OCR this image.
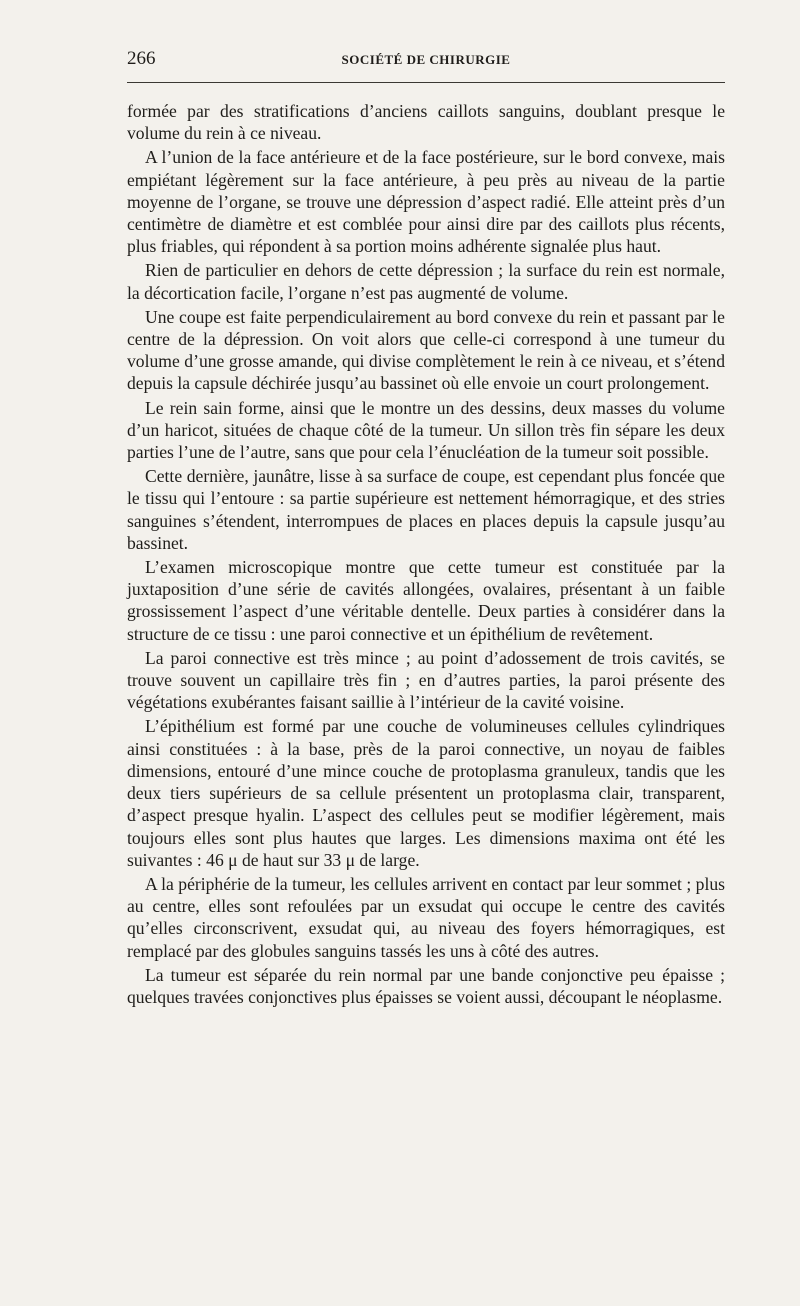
266	SOCIÉTÉ DE CHIRURGIE

formée par des stratifications d’anciens caillots sanguins, doublant presque le volume du rein à ce niveau.

A l’union de la face antérieure et de la face postérieure, sur le bord convexe, mais empiétant légèrement sur la face antérieure, à peu près au niveau de la partie moyenne de l’organe, se trouve une dépression d’aspect radié. Elle atteint près d’un centimètre de diamètre et est comblée pour ainsi dire par des caillots plus récents, plus friables, qui répondent à sa portion moins adhérente signalée plus haut.

Rien de particulier en dehors de cette dépression ; la surface du rein est normale, la décortication facile, l’organe n’est pas augmenté de volume.

Une coupe est faite perpendiculairement au bord convexe du rein et passant par le centre de la dépression. On voit alors que celle-ci correspond à une tumeur du volume d’une grosse amande, qui divise complètement le rein à ce niveau, et s’étend depuis la capsule déchirée jusqu’au bassinet où elle envoie un court prolongement.

Le rein sain forme, ainsi que le montre un des dessins, deux masses du volume d’un haricot, situées de chaque côté de la tumeur. Un sillon très fin sépare les deux parties l’une de l’autre, sans que pour cela l’énucléation de la tumeur soit possible.

Cette dernière, jaunâtre, lisse à sa surface de coupe, est cependant plus foncée que le tissu qui l’entoure : sa partie supérieure est nettement hémorragique, et des stries sanguines s’étendent, interrompues de places en places depuis la capsule jusqu’au bassinet.

L’examen microscopique montre que cette tumeur est constituée par la juxtaposition d’une série de cavités allongées, ovalaires, présentant à un faible grossissement l’aspect d’une véritable dentelle. Deux parties à considérer dans la structure de ce tissu : une paroi connective et un épithélium de revêtement.

La paroi connective est très mince ; au point d’adossement de trois cavités, se trouve souvent un capillaire très fin ; en d’autres parties, la paroi présente des végétations exubérantes faisant saillie à l’intérieur de la cavité voisine.

L’épithélium est formé par une couche de volumineuses cellules cylindriques ainsi constituées : à la base, près de la paroi connective, un noyau de faibles dimensions, entouré d’une mince couche de protoplasma granuleux, tandis que les deux tiers supérieurs de sa cellule présentent un protoplasma clair, transparent, d’aspect presque hyalin. L’aspect des cellules peut se modifier légèrement, mais toujours elles sont plus hautes que larges. Les dimensions maxima ont été les suivantes : 46 μ de haut sur 33 μ de large.

A la périphérie de la tumeur, les cellules arrivent en contact par leur sommet ; plus au centre, elles sont refoulées par un exsudat qui occupe le centre des cavités qu’elles circonscrivent, exsudat qui, au niveau des foyers hémorragiques, est remplacé par des globules sanguins tassés les uns à côté des autres.

La tumeur est séparée du rein normal par une bande conjonctive peu épaisse ; quelques travées conjonctives plus épaisses se voient aussi, découpant le néoplasme.
